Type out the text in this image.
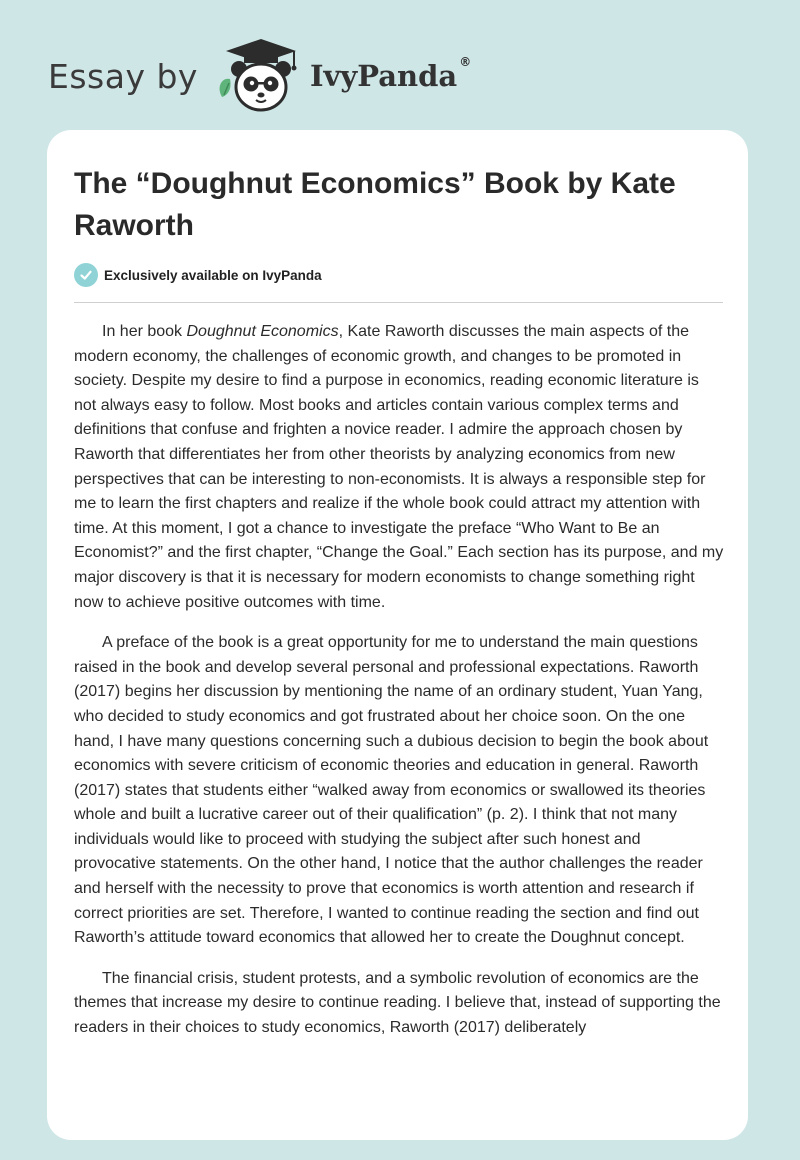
Essay by	IvyPanda ®
The “Doughnut Economics” Book by Kate Raworth
Exclusively available on IvyPanda

In her book Doughnut Economics, Kate Raworth discusses the main aspects of the modern economy, the challenges of economic growth, and changes to be promoted in society. Despite my desire to find a purpose in economics, reading economic literature is not always easy to follow. Most books and articles contain various complex terms and definitions that confuse and frighten a novice reader. I admire the approach chosen by Raworth that differentiates her from other theorists by analyzing economics from new perspectives that can be interesting to non-economists. It is always a responsible step for me to learn the first chapters and realize if the whole book could attract my attention with time. At this moment, I got a chance to investigate the preface “Who Want to Be an Economist?” and the first chapter, “Change the Goal.” Each section has its purpose, and my major discovery is that it is necessary for modern economists to change something right now to achieve positive outcomes with time.

A preface of the book is a great opportunity for me to understand the main questions raised in the book and develop several personal and professional expectations. Raworth (2017) begins her discussion by mentioning the name of an ordinary student, Yuan Yang, who decided to study economics and got frustrated about her choice soon. On the one hand, I have many questions concerning such a dubious decision to begin the book about economics with severe criticism of economic theories and education in general. Raworth (2017) states that students either “walked away from economics or swallowed its theories whole and built a lucrative career out of their qualification” (p. 2). I think that not many individuals would like to proceed with studying the subject after such honest and provocative statements. On the other hand, I notice that the author challenges the reader and herself with the necessity to prove that economics is worth attention and research if correct priorities are set. Therefore, I wanted to continue reading the section and find out Raworth’s attitude toward economics that allowed her to create the Doughnut concept.

The financial crisis, student protests, and a symbolic revolution of economics are the themes that increase my desire to continue reading. I believe that, instead of supporting the readers in their choices to study economics, Raworth (2017) deliberately
